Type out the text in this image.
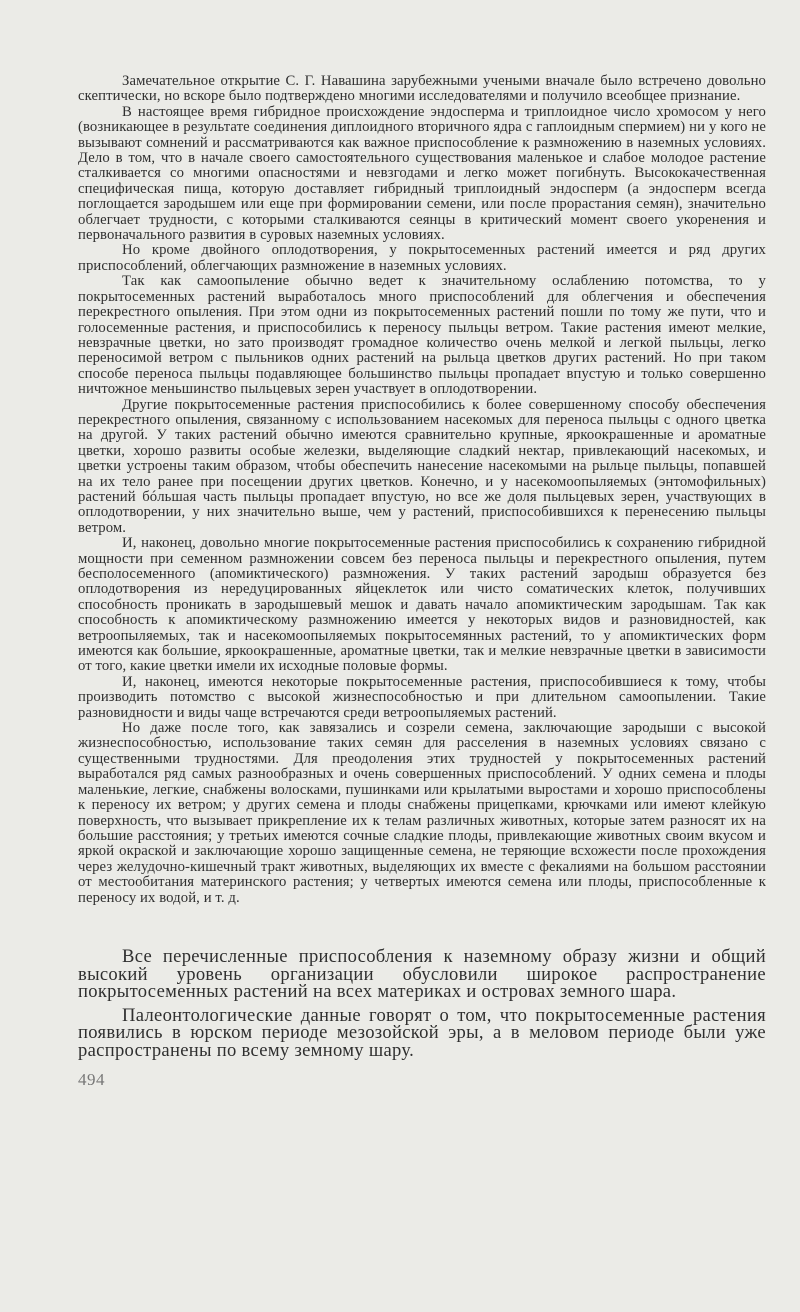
Замечательное открытие С. Г. Навашина зарубежными учеными вначале было встречено довольно скептически, но вскоре было подтверждено многими исследователями и получило всеобщее признание.

В настоящее время гибридное происхождение эндосперма и триплоидное число хромосом у него (возникающее в результате соединения диплоидного вторичного ядра с гаплоидным спермием) ни у кого не вызывают сомнений и рассматриваются как важное приспособление к размножению в наземных условиях. Дело в том, что в начале своего самостоятельного существования маленькое и слабое молодое растение сталкивается со многими опасностями и невзгодами и легко может погибнуть. Высококачественная специфическая пища, которую доставляет гибридный триплоидный эндосперм (а эндосперм всегда поглощается зародышем или еще при формировании семени, или после прорастания семян), значительно облегчает трудности, с которыми сталкиваются сеянцы в критический момент своего укоренения и первоначального развития в суровых наземных условиях.

Но кроме двойного оплодотворения, у покрытосеменных растений имеется и ряд других приспособлений, облегчающих размножение в наземных условиях.

Так как самоопыление обычно ведет к значительному ослаблению потомства, то у покрытосеменных растений выработалось много приспособлений для облегчения и обеспечения перекрестного опыления. При этом одни из покрытосеменных растений пошли по тому же пути, что и голосеменные растения, и приспособились к переносу пыльцы ветром. Такие растения имеют мелкие, невзрачные цветки, но зато производят громадное количество очень мелкой и легкой пыльцы, легко переносимой ветром с пыльников одних растений на рыльца цветков других растений. Но при таком способе переноса пыльцы подавляющее большинство пыльцы пропадает впустую и только совершенно ничтожное меньшинство пыльцевых зерен участвует в оплодотворении.

Другие покрытосеменные растения приспособились к более совершенному способу обеспечения перекрестного опыления, связанному с использованием насекомых для переноса пыльцы с одного цветка на другой. У таких растений обычно имеются сравнительно крупные, яркоокрашенные и ароматные цветки, хорошо развиты особые железки, выделяющие сладкий нектар, привлекающий насекомых, и цветки устроены таким образом, чтобы обеспечить нанесение насекомыми на рыльце пыльцы, попавшей на их тело ранее при посещении других цветков. Конечно, и у насекомоопыляемых (энтомофильных) растений бóльшая часть пыльцы пропадает впустую, но все же доля пыльцевых зерен, участвующих в оплодотворении, у них значительно выше, чем у растений, приспособившихся к перенесению пыльцы ветром.

И, наконец, довольно многие покрытосеменные растения приспособились к сохранению гибридной мощности при семенном размножении совсем без переноса пыльцы и перекрестного опыления, путем бесполосеменного (апомиктического) размножения. У таких растений зародыш образуется без оплодотворения из нередуцированных яйцеклеток или чисто соматических клеток, получивших способность проникать в зародышевый мешок и давать начало апомиктическим зародышам. Так как способность к апомиктическому размножению имеется у некоторых видов и разновидностей, как ветроопыляемых, так и насекомоопыляемых покрытосемянных растений, то у апомиктических форм имеются как большие, яркоокрашенные, ароматные цветки, так и мелкие невзрачные цветки в зависимости от того, какие цветки имели их исходные половые формы.

И, наконец, имеются некоторые покрытосеменные растения, приспособившиеся к тому, чтобы производить потомство с высокой жизнеспособностью и при длительном самоопылении. Такие разновидности и виды чаще встречаются среди ветроопыляемых растений.

Но даже после того, как завязались и созрели семена, заключающие зародыши с высокой жизнеспособностью, использование таких семян для расселения в наземных условиях связано с существенными трудностями. Для преодоления этих трудностей у покрытосеменных растений выработался ряд самых разнообразных и очень совершенных приспособлений. У одних семена и плоды маленькие, легкие, снабжены волосками, пушинками или крылатыми выростами и хорошо приспособлены к переносу их ветром; у других семена и плоды снабжены прицепками, крючками или имеют клейкую поверхность, что вызывает прикрепление их к телам различных животных, которые затем разносят их на большие расстояния; у третьих имеются сочные сладкие плоды, привлекающие животных своим вкусом и яркой окраской и заключающие хорошо защищенные семена, не теряющие всхожести после прохождения через желудочно-кишечный тракт животных, выделяющих их вместе с фекалиями на большом расстоянии от местообитания материнского растения; у четвертых имеются семена или плоды, приспособленные к переносу их водой, и т. д.

Все перечисленные приспособления к наземному образу жизни и общий высокий уровень организации обусловили широкое распространение покрытосеменных растений на всех материках и островах земного шара.

Палеонтологические данные говорят о том, что покрытосеменные растения появились в юрском периоде мезозойской эры, а в меловом периоде были уже распространены по всему земному шару.

494
